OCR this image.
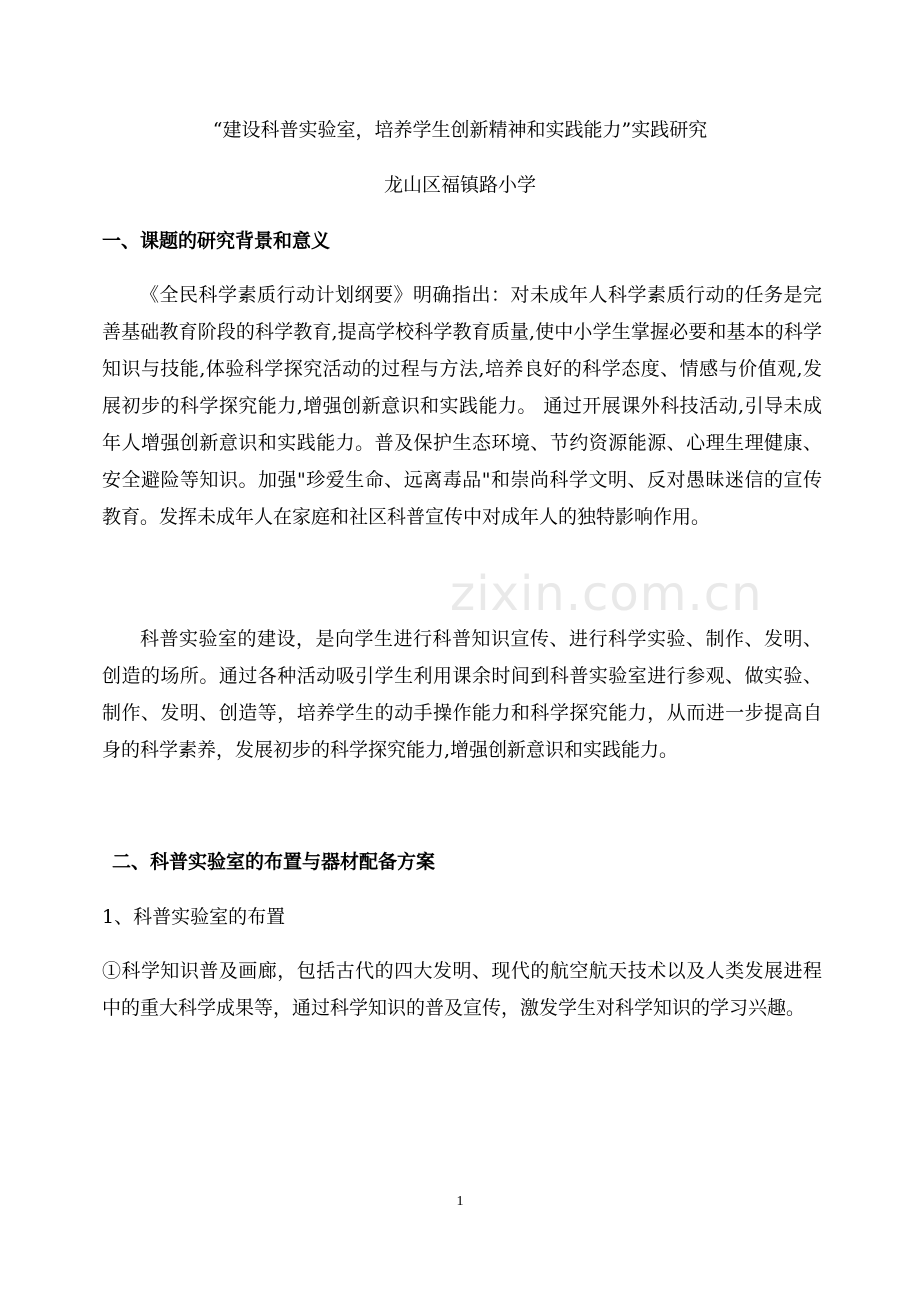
zixin.com.cn
“建设科普实验室，培养学生创新精神和实践能力”实践研究
龙山区福镇路小学
一、课题的研究背景和意义
《全民科学素质行动计划纲要》明确指出：对未成年人科学素质行动的任务是完善基础教育阶段的科学教育,提高学校科学教育质量,使中小学生掌握必要和基本的科学知识与技能,体验科学探究活动的过程与方法,培养良好的科学态度、情感与价值观,发展初步的科学探究能力,增强创新意识和实践能力。 通过开展课外科技活动,引导未成年人增强创新意识和实践能力。普及保护生态环境、节约资源能源、心理生理健康、安全避险等知识。加强"珍爱生命、远离毒品"和崇尚科学文明、反对愚昧迷信的宣传教育。发挥未成年人在家庭和社区科普宣传中对成年人的独特影响作用。
科普实验室的建设，是向学生进行科普知识宣传、进行科学实验、制作、发明、创造的场所。通过各种活动吸引学生利用课余时间到科普实验室进行参观、做实验、制作、发明、创造等，培养学生的动手操作能力和科学探究能力，从而进一步提高自身的科学素养，发展初步的科学探究能力,增强创新意识和实践能力。
二、科普实验室的布置与器材配备方案
1、科普实验室的布置
①科学知识普及画廊，包括古代的四大发明、现代的航空航天技术以及人类发展进程中的重大科学成果等，通过科学知识的普及宣传，激发学生对科学知识的学习兴趣。
1
